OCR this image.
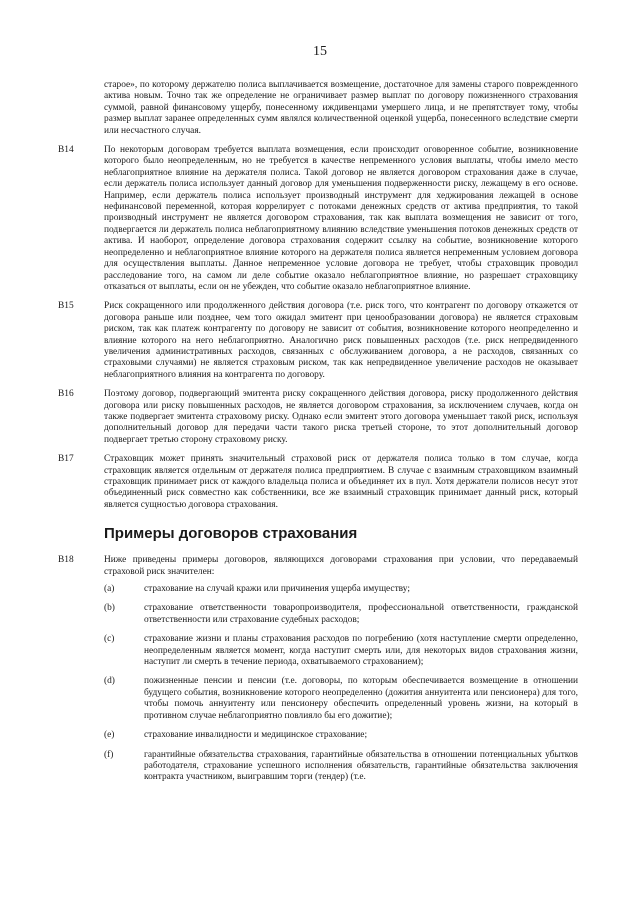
15
старое», по которому держателю полиса выплачивается возмещение, достаточное для замены старого поврежденного актива новым. Точно так же определение не ограничивает размер выплат по договору пожизненного страхования суммой, равной финансовому ущербу, понесенному иждивенцами умершего лица, и не препятствует тому, чтобы размер выплат заранее определенных сумм являлся количественной оценкой ущерба, понесенного вследствие смерти или несчастного случая.
B14	По некоторым договорам требуется выплата возмещения, если происходит оговоренное событие, возникновение которого было неопределенным, но не требуется в качестве непременного условия выплаты, чтобы имело место неблагоприятное влияние на держателя полиса. Такой договор не является договором страхования даже в случае, если держатель полиса использует данный договор для уменьшения подверженности риску, лежащему в его основе. Например, если держатель полиса использует производный инструмент для хеджирования лежащей в основе нефинансовой переменной, которая коррелирует с потоками денежных средств от актива предприятия, то такой производный инструмент не является договором страхования, так как выплата возмещения не зависит от того, подвергается ли держатель полиса неблагоприятному влиянию вследствие уменьшения потоков денежных средств от актива. И наоборот, определение договора страхования содержит ссылку на событие, возникновение которого неопределенно и неблагоприятное влияние которого на держателя полиса является непременным условием договора для осуществления выплаты. Данное непременное условие договора не требует, чтобы страховщик проводил расследование того, на самом ли деле событие оказало неблагоприятное влияние, но разрешает страховщику отказаться от выплаты, если он не убежден, что событие оказало неблагоприятное влияние.
B15	Риск сокращенного или продолженного действия договора (т.е. риск того, что контрагент по договору откажется от договора раньше или позднее, чем того ожидал эмитент при ценообразовании договора) не является страховым риском, так как платеж контрагенту по договору не зависит от события, возникновение которого неопределенно и влияние которого на него неблагоприятно. Аналогично риск повышенных расходов (т.е. риск непредвиденного увеличения административных расходов, связанных с обслуживанием договора, а не расходов, связанных со страховыми случаями) не является страховым риском, так как непредвиденное увеличение расходов не оказывает неблагоприятного влияния на контрагента по договору.
B16	Поэтому договор, подвергающий эмитента риску сокращенного действия договора, риску продолженного действия договора или риску повышенных расходов, не является договором страхования, за исключением случаев, когда он также подвергает эмитента страховому риску. Однако если эмитент этого договора уменьшает такой риск, используя дополнительный договор для передачи части такого риска третьей стороне, то этот дополнительный договор подвергает третью сторону страховому риску.
B17	Страховщик может принять значительный страховой риск от держателя полиса только в том случае, когда страховщик является отдельным от держателя полиса предприятием. В случае с взаимным страховщиком взаимный страховщик принимает риск от каждого владельца полиса и объединяет их в пул. Хотя держатели полисов несут этот объединенный риск совместно как собственники, все же взаимный страховщик принимает данный риск, который является сущностью договора страхования.
Примеры договоров страхования
B18	Ниже приведены примеры договоров, являющихся договорами страхования при условии, что передаваемый страховой риск значителен:
(a)	страхование на случай кражи или причинения ущерба имуществу;
(b)	страхование ответственности товаропроизводителя, профессиональной ответственности, гражданской ответственности или страхование судебных расходов;
(c)	страхование жизни и планы страхования расходов по погребению (хотя наступление смерти определенно, неопределенным является момент, когда наступит смерть или, для некоторых видов страхования жизни, наступит ли смерть в течение периода, охватываемого страхованием);
(d)	пожизненные пенсии и пенсии (т.е. договоры, по которым обеспечивается возмещение в отношении будущего события, возникновение которого неопределенно (дожития аннуитента или пенсионера) для того, чтобы помочь аннуитенту или пенсионеру обеспечить определенный уровень жизни, на который в противном случае неблагоприятно повлияло бы его дожитие);
(e)	страхование инвалидности и медицинское страхование;
(f)	гарантийные обязательства страхования, гарантийные обязательства в отношении потенциальных убытков работодателя, страхование успешного исполнения обязательств, гарантийные обязательства заключения контракта участником, выигравшим торги (тендер) (т.е.
